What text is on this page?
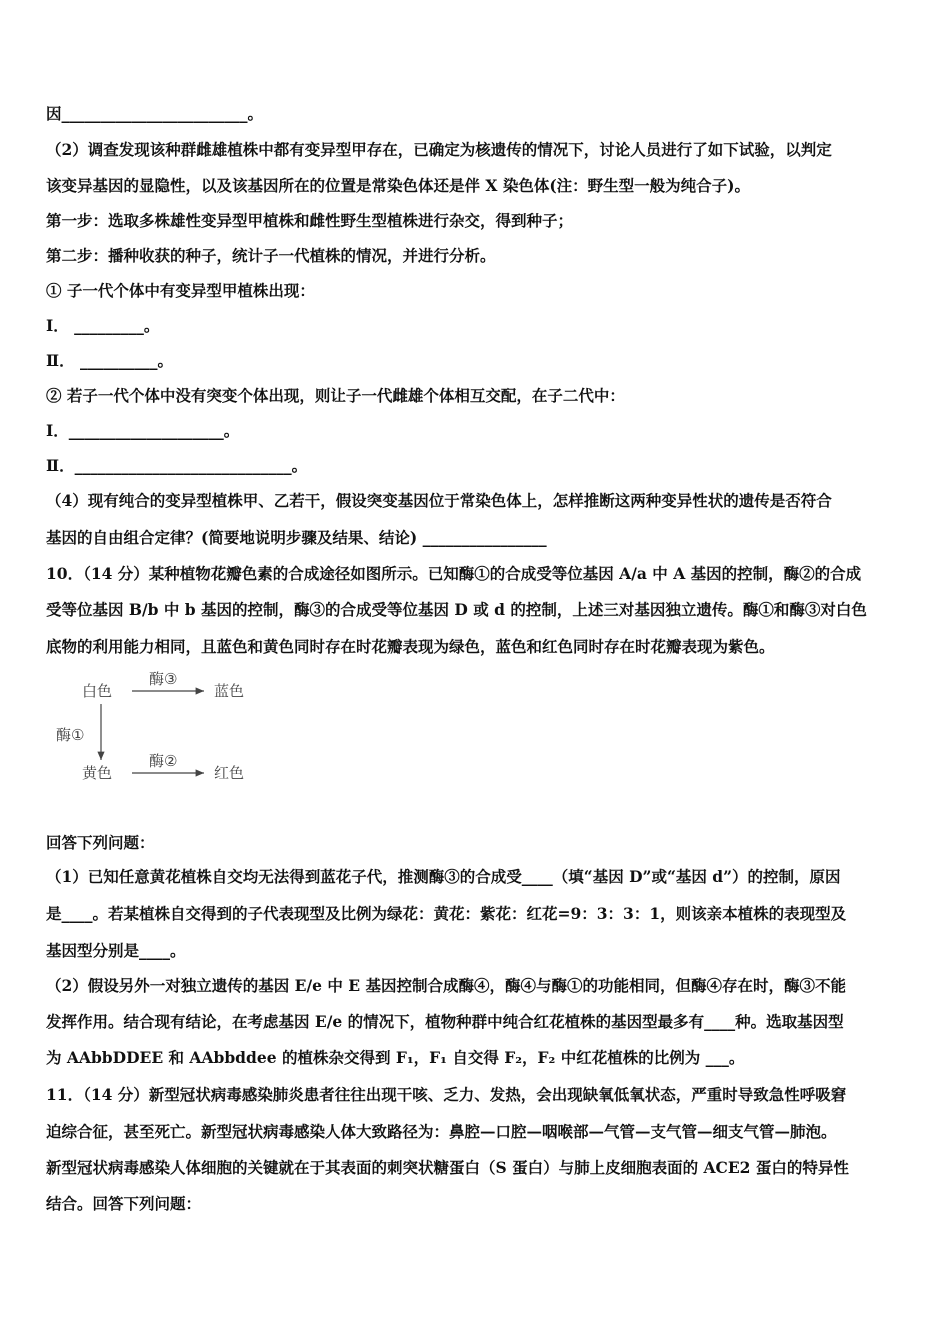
因________________________。

（2）调查发现该种群雌雄植株中都有变异型甲存在，已确定为核遗传的情况下，讨论人员进行了如下试验，以判定

该变异基因的显隐性，以及该基因所在的位置是常染色体还是伴 X 染色体(注：野生型一般为纯合子)。

第一步：选取多株雄性变异型甲植株和雌性野生型植株进行杂交，得到种子；

第二步：播种收获的种子，统计子一代植株的情况，并进行分析。

① 子一代个体中有变异型甲植株出现：

Ⅰ． _________。

Ⅱ． __________。

② 若子一代个体中没有突变个体出现，则让子一代雌雄个体相互交配，在子二代中：

Ⅰ．____________________。

Ⅱ．____________________________。

（4）现有纯合的变异型植株甲、乙若干，假设突变基因位于常染色体上，怎样推断这两种变异性状的遗传是否符合

基因的自由组合定律？(简要地说明步骤及结果、结论) ________________

10．（14 分）某种植物花瓣色素的合成途径如图所示。已知酶①的合成受等位基因 A/a 中 A 基因的控制，酶②的合成

受等位基因 B/b 中 b 基因的控制，酶③的合成受等位基因 D 或 d 的控制，上述三对基因独立遗传。酶①和酶③对白色

底物的利用能力相同，且蓝色和黄色同时存在时花瓣表现为绿色，蓝色和红色同时存在时花瓣表现为紫色。

白色
酶③
蓝色
酶①
黄色
酶②
红色

回答下列问题：

（1）已知任意黄花植株自交均无法得到蓝花子代，推测酶③的合成受____（填“基因 D”或“基因 d”）的控制，原因

是____。若某植株自交得到的子代表现型及比例为绿花：黄花：紫花：红花=9：3：3：1，则该亲本植株的表现型及

基因型分别是____。

（2）假设另外一对独立遗传的基因 E/e 中 E 基因控制合成酶④，酶④与酶①的功能相同，但酶④存在时，酶③不能

发挥作用。结合现有结论，在考虑基因 E/e 的情况下，植物种群中纯合红花植株的基因型最多有____种。选取基因型

为 AAbbDDEE 和 AAbbddee 的植株杂交得到 F₁，F₁ 自交得 F₂，F₂ 中红花植株的比例为 ___。

11．（14 分）新型冠状病毒感染肺炎患者往往出现干咳、乏力、发热，会出现缺氧低氧状态，严重时导致急性呼吸窘

迫综合征，甚至死亡。新型冠状病毒感染人体大致路径为：鼻腔—口腔—咽喉部—气管—支气管—细支气管—肺泡。

新型冠状病毒感染人体细胞的关键就在于其表面的刺突状糖蛋白（S 蛋白）与肺上皮细胞表面的 ACE2 蛋白的特异性

结合。回答下列问题：
